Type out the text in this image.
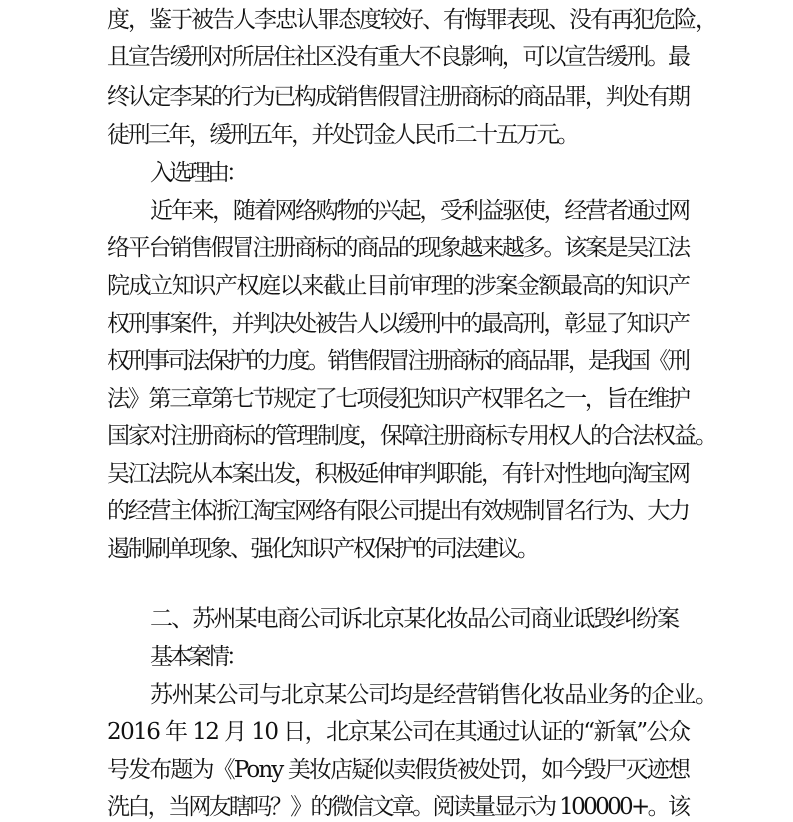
度，鉴于被告人李忠认罪态度较好、有悔罪表现、没有再犯危险，
且宣告缓刑对所居住社区没有重大不良影响，可以宣告缓刑。最
终认定李某的行为已构成销售假冒注册商标的商品罪，判处有期
徒刑三年，缓刑五年，并处罚金人民币二十五万元。
入选理由：
近年来，随着网络购物的兴起，受利益驱使，经营者通过网
络平台销售假冒注册商标的商品的现象越来越多。该案是吴江法
院成立知识产权庭以来截止目前审理的涉案金额最高的知识产
权刑事案件，并判决处被告人以缓刑中的最高刑，彰显了知识产
权刑事司法保护的力度。销售假冒注册商标的商品罪，是我国《刑
法》第三章第七节规定了七项侵犯知识产权罪名之一，旨在维护
国家对注册商标的管理制度，保障注册商标专用权人的合法权益。
吴江法院从本案出发，积极延伸审判职能，有针对性地向淘宝网
的经营主体浙江淘宝网络有限公司提出有效规制冒名行为、大力
遏制刷单现象、强化知识产权保护的司法建议。
二、苏州某电商公司诉北京某化妆品公司商业诋毁纠纷案
基本案情：
苏州某公司与北京某公司均是经营销售化妆品业务的企业。
2016 年 12 月 10 日，北京某公司在其通过认证的“新氧”公众
号发布题为《Pony 美妆店疑似卖假货被处罚，如今毁尸灭迹想
洗白，当网友瞎吗？》的微信文章。阅读量显示为 100000+。该
